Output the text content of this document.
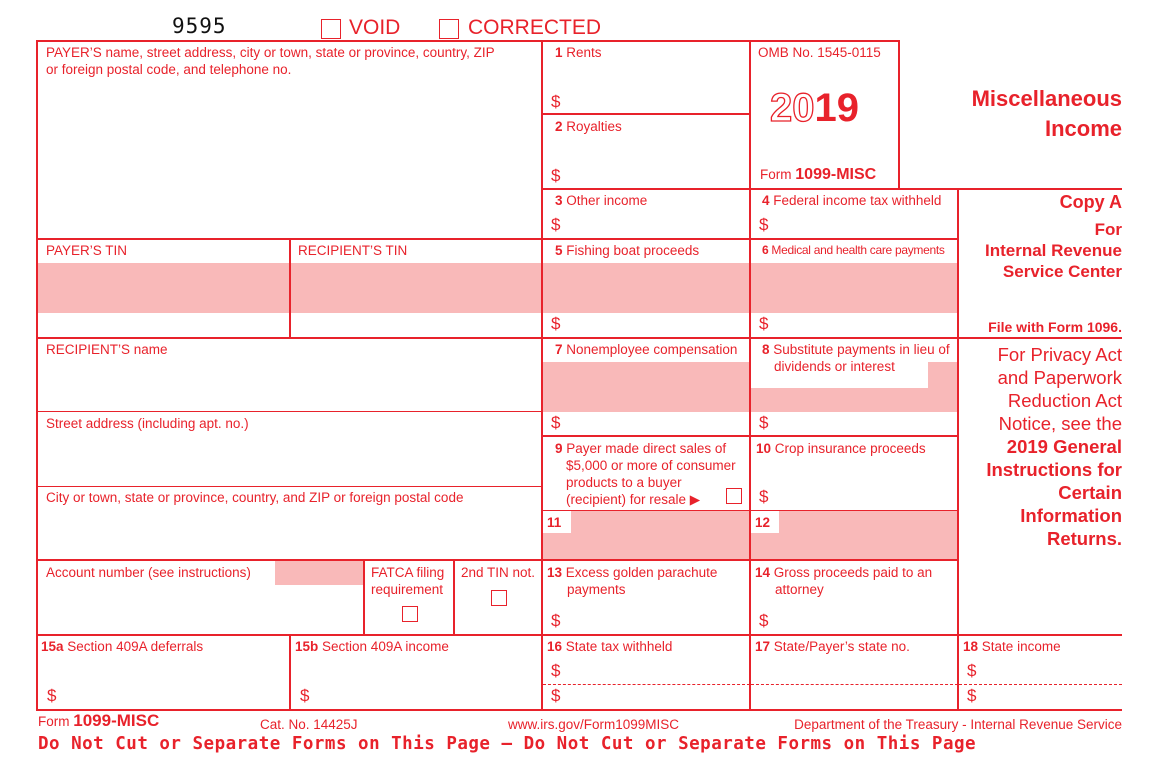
9595	VOID	CORRECTED
PAYER’S name, street address, city or town, state or province, country, ZIP
or foreign postal code, and telephone no.
PAYER’S TIN	RECIPIENT’S TIN
RECIPIENT’S name
Street address (including apt. no.)
City or town, state or province, country, and ZIP or foreign postal code
Account number (see instructions)	FATCA filing
requirement
2nd TIN not.
1 Rents
$
2 Royalties
$
OMB No. 1545-0115
2019
Form 1099-MISC
Miscellaneous
Income
3 Other income
$
4 Federal income tax withheld
$
5 Fishing boat proceeds
$
6 Medical and health care payments
$
7 Nonemployee compensation
$
8 Substitute payments in lieu of
dividends or interest
$
9 Payer made direct sales of
$5,000 or more of consumer
products to a buyer
(recipient) for resale ▶
10 Crop insurance proceeds
$
11	12
13 Excess golden parachute
payments
$
14 Gross proceeds paid to an
attorney
$
15a Section 409A deferrals
$
15b Section 409A income
$
16 State tax withheld
$
$
17 State/Payer’s state no.	18 State income
$
$
Copy A
For
Internal Revenue
Service Center
File with Form 1096.
For Privacy Act
and Paperwork
Reduction Act
Notice, see the
2019 General
Instructions for
Certain
Information
Returns.
Form 1099-MISC	Cat. No. 14425J	www.irs.gov/Form1099MISC	Department of the Treasury - Internal Revenue Service
Do Not Cut or Separate Forms on This Page — Do Not Cut or Separate Forms on This Page
